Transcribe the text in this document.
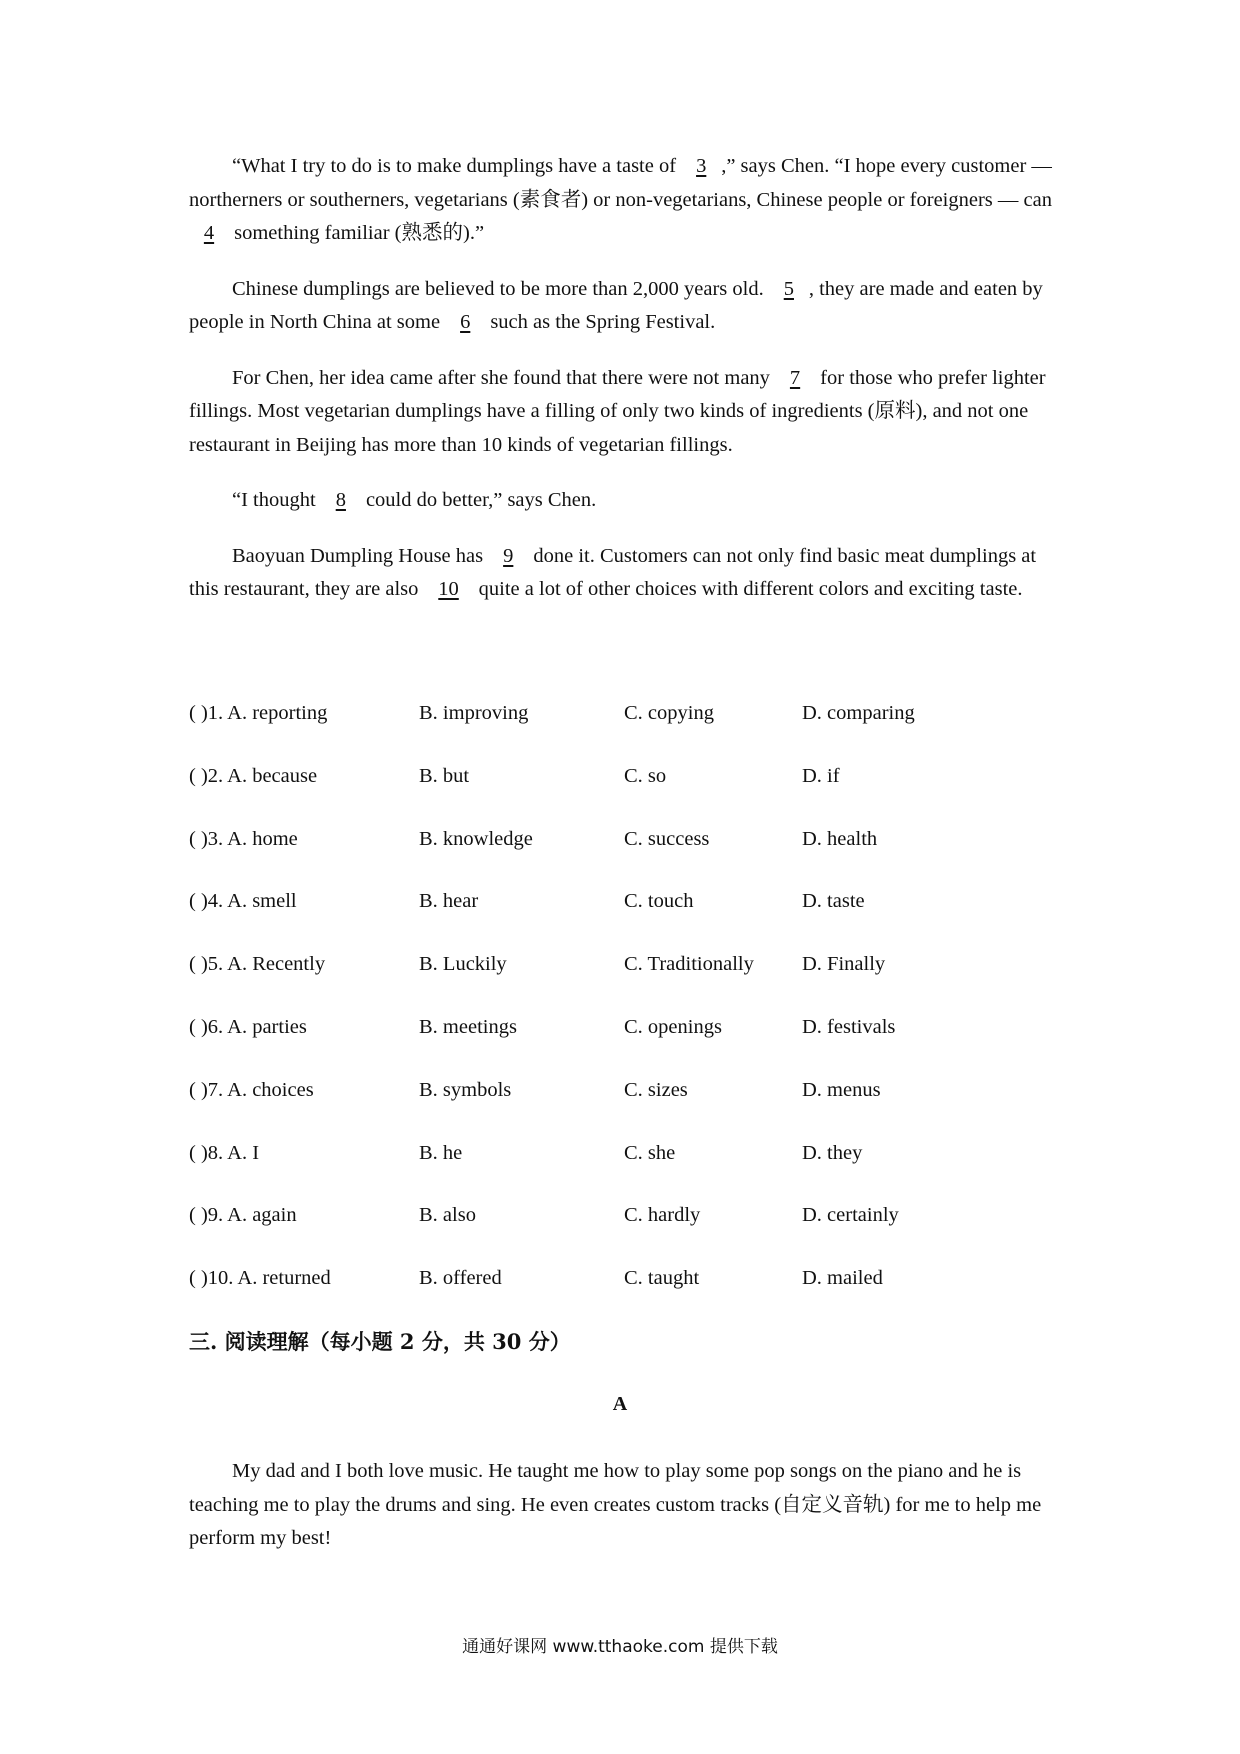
“What I try to do is to make dumplings have a taste of 3 ,” says Chen. “I hope every customer — northerners or southerners, vegetarians (素食者) or non-vegetarians, Chinese people or foreigners — can 4 something familiar (熟悉的).”

Chinese dumplings are believed to be more than 2,000 years old. 5 , they are made and eaten by people in North China at some 6 such as the Spring Festival.

For Chen, her idea came after she found that there were not many 7 for those who prefer lighter fillings. Most vegetarian dumplings have a filling of only two kinds of ingredients (原料), and not one restaurant in Beijing has more than 10 kinds of vegetarian fillings.

“I thought 8 could do better,” says Chen.

Baoyuan Dumpling House has 9 done it. Customers can not only find basic meat dumplings at this restaurant, they are also 10 quite a lot of other choices with different colors and exciting taste.

( )1. A. reporting	B. improving	C. copying	D. comparing
( )2. A. because	B. but	C. so	D. if
( )3. A. home	B. knowledge	C. success	D. health
( )4. A. smell	B. hear	C. touch	D. taste
( )5. A. Recently	B. Luckily	C. Traditionally D. Finally
( )6. A. parties	B. meetings	C. openings	D. festivals
( )7. A. choices	B. symbols	C. sizes	D. menus
( )8. A. I	B. he	C. she	D. they
( )9. A. again	B. also	C. hardly	D. certainly
( )10. A. returned	B. offered	C. taught	D. mailed
三. 阅读理解（每小题 2 分，共 30 分）
A

My dad and I both love music. He taught me how to play some pop songs on the piano and he is teaching me to play the drums and sing. He even creates custom tracks (自定义音轨) for me to help me perform my best!

通通好课网 www.tthaoke.com 提供下载
